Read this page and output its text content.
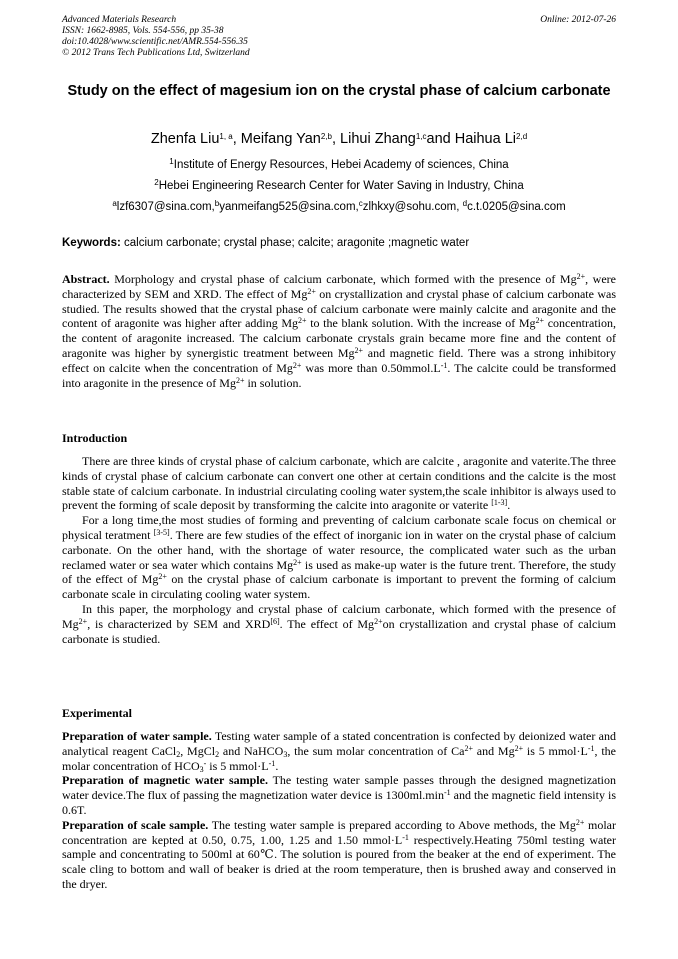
Advanced Materials Research
ISSN: 1662-8985, Vols. 554-556, pp 35-38
doi:10.4028/www.scientific.net/AMR.554-556.35
© 2012 Trans Tech Publications Ltd, Switzerland
Online: 2012-07-26
Study on the effect of magesium ion on the crystal phase of calcium carbonate
Zhenfa Liu$^{1, a}$, Meifang Yan$^{2,b}$, Lihui Zhang$^{1,c}$and Haihua Li$^{2,d}$
$^1$Institute of Energy Resources, Hebei Academy of sciences, China
$^2$Hebei Engineering Research Center for Water Saving in Industry, China
$^a$lzf6307@sina.com,$^b$yanmeifang525@sina.com,$^c$zlhkxy@sohu.com, $^d$c.t.0205@sina.com
Keywords: calcium carbonate; crystal phase; calcite; aragonite ;magnetic water

Abstract. Morphology and crystal phase of calcium carbonate, which formed with the presence of $Mg^{2+}$, were characterized by SEM and XRD. The effect of $Mg^{2+}$ on crystallization and crystal phase of calcium carbonate was studied. The results showed that the crystal phase of calcium carbonate were mainly calcite and aragonite and the content of aragonite was higher after adding $Mg^{2+}$ to the blank solution. With the increase of $Mg^{2+}$ concentration, the content of aragonite increased. The calcium carbonate crystals grain became more fine and the content of aragonite was higher by synergistic treatment between $Mg^{2+}$ and magnetic field. There was a strong inhibitory effect on calcite when the concentration of $Mg^{2+}$ was more than $0.50mmol.L^{-1}$. The calcite could be transformed into aragonite in the presence of $Mg^{2+}$ in solution.

Introduction

There are three kinds of crystal phase of calcium carbonate, which are calcite , aragonite and vaterite.The three kinds of crystal phase of calcium carbonate can convert one other at certain conditions and the calcite is the most stable state of calcium carbonate. In industrial circulating cooling water system,the scale inhibitor is always used to prevent the forming of scale deposit by transforming the calcite into aragonite or vaterite [1-3].

For a long time,the most studies of forming and preventing of calcium carbonate scale focus on chemical or physical teratment [3-5]. There are few studies of the effect of inorganic ion in water on the crystal phase of calcium carbonate. On the other hand, with the shortage of water resource, the complicated water such as the urban reclamed water or sea water which contains $Mg^{2+}$ is used as make-up water is the future trent. Therefore, the study of the effect of $Mg^{2+}$ on the crystal phase of calcium carbonate is important to prevent the forming of calcium carbonate scale in circulating cooling water system.

In this paper, the morphology and crystal phase of calcium carbonate, which formed with the presence of $Mg^{2+}$, is characterized by SEM and XRD[6]. The effect of $Mg^{2+}on$ crystallization and crystal phase of calcium carbonate is studied.

Experimental

Preparation of water sample. Testing water sample of a stated concentration is confected by deionized water and analytical reagent CaCl$_2$, MgCl$_2$ and NaHCO$_3$, the sum molar concentration of $Ca^{2+}$ and $Mg^{2+}$ is 5 $mmol\cdot L^{-1}$, the molar concentration of $HCO_3^-$ is 5 $mmol\cdot L^{-1}$.

Preparation of magnetic water sample. The testing water sample passes through the designed magnetization water device.The flux of passing the magnetization water device is $1300ml.\min^{-1}$ and the magnetic field intensity is 0.6T.

Preparation of scale sample. The testing water sample is prepared according to Above methods, the $Mg^{2+}$ molar concentration are kepted at 0.50, 0.75, 1.00, 1.25 and 1.50 $mmol\cdot L^{-1}$ respectively.Heating 750ml testing water sample and concentrating to 500ml at 60℃. The solution is poured from the beaker at the end of experiment. The scale cling to bottom and wall of beaker is dried at the room temperature, then is brushed away and conserved in the dryer.
